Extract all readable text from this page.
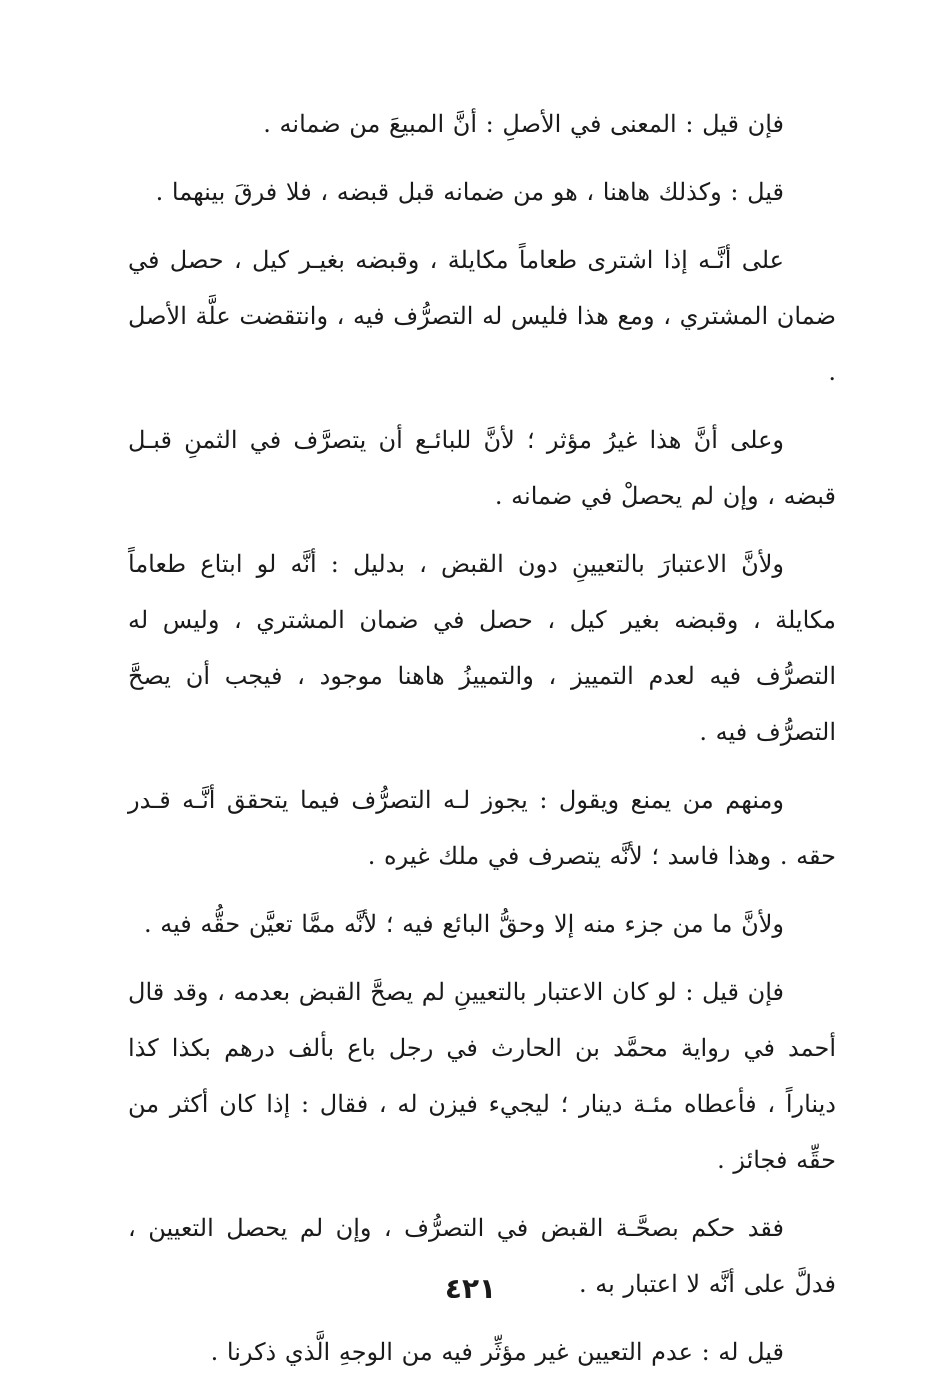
فإن قيل : المعنى في الأصلِ : أنَّ المبيعَ من ضمانه .

قيل : وكذلك هاهنا ، هو من ضمانه قبل قبضه ، فلا فرقَ بينهما .

على أنَّـه إذا اشترى طعاماً مكايلة ، وقبضه بغيـر كيل ، حصل في ضمان المشتري ، ومع هذا فليس له التصرُّف فيه ، وانتقضت علَّة الأصل .

وعلى أنَّ هذا غيرُ مؤثر ؛ لأنَّ للبائـع أن يتصرَّف في الثمنِ قبـل قبضه ، وإن لم يحصلْ في ضمانه .

ولأنَّ الاعتبارَ بالتعيينِ دون القبض ، بدليل : أنَّه لو ابتاع طعاماً مكايلة ، وقبضه بغير كيل ، حصل في ضمان المشتري ، وليس له التصرُّف فيه لعدم التمييز ، والتمييزُ هاهنا موجود ، فيجب أن يصحَّ التصرُّف فيه .

ومنهم من يمنع ويقول : يجوز لـه التصرُّف فيما يتحقق أنَّـه قـدر حقه . وهذا فاسد ؛ لأنَّه يتصرف في ملك غيره .

ولأنَّ ما من جزء منه إلا وحقُّ البائع فيه ؛ لأنَّه ممَّا تعيَّن حقُّه فيه .

فإن قيل : لو كان الاعتبار بالتعيينِ لم يصحَّ القبض بعدمه ، وقد قال أحمد في رواية محمَّد بن الحارث في رجل باع بألف درهم بكذا كذا ديناراً ، فأعطاه مئـة دينار ؛ ليجيء فيزن له ، فقال : إذا كان أكثر من حقِّه فجائز .

فقد حكم بصحَّـة القبض في التصرُّف ، وإن لم يحصل التعيين ، فدلَّ على أنَّه لا اعتبار به .

قيل له : عدم التعيين غير مؤثِّر فيه من الوجهِ الَّذي ذكرنا .

٤٢١
